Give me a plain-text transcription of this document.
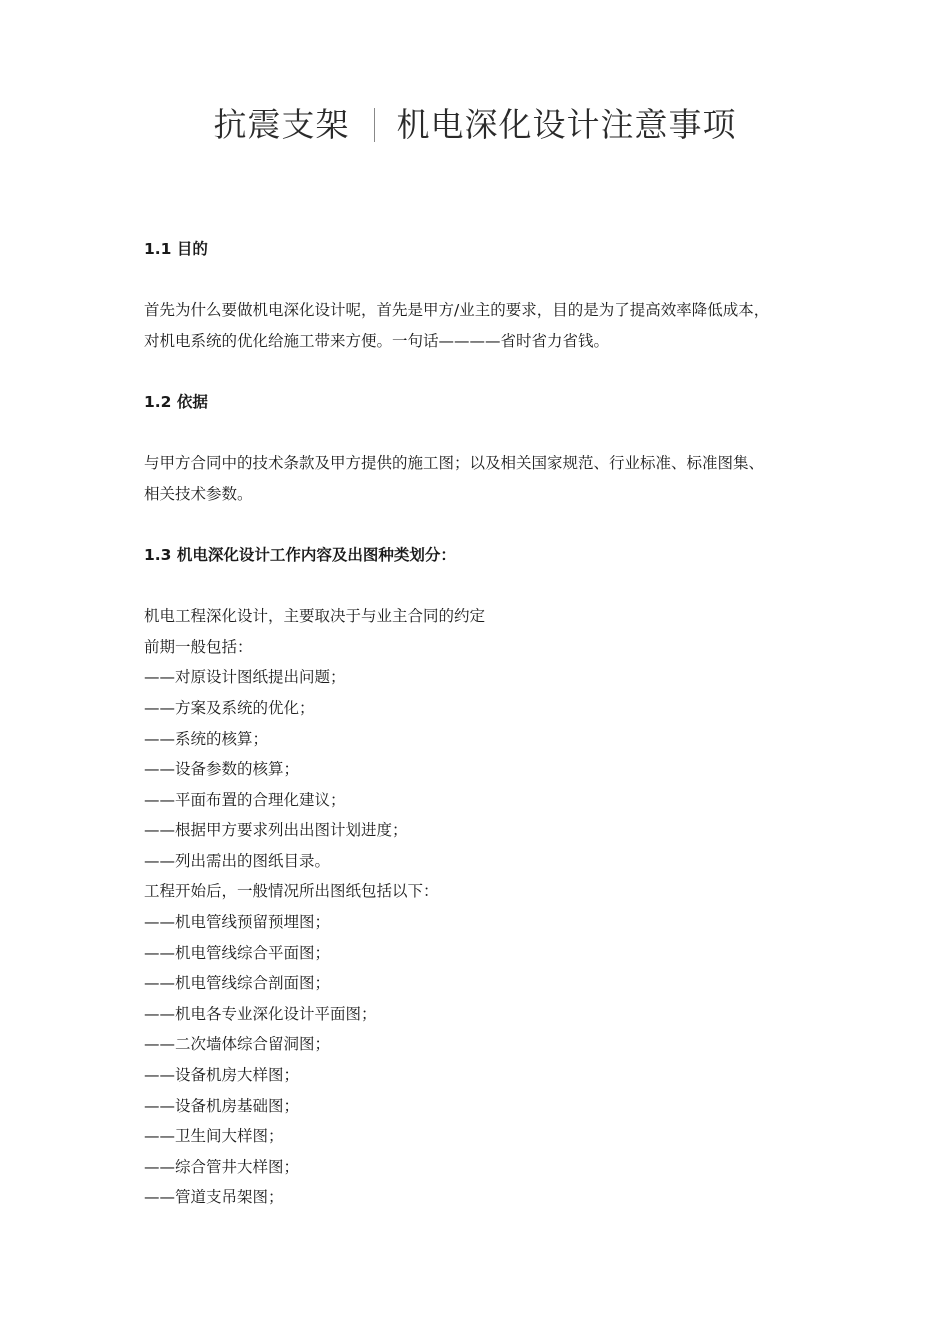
抗震支架 机电深化设计注意事项

1.1 目的

首先为什么要做机电深化设计呢，首先是甲方/业主的要求，目的是为了提高效率降低成本，

对机电系统的优化给施工带来方便。一句话————省时省力省钱。

1.2 依据

与甲方合同中的技术条款及甲方提供的施工图；以及相关国家规范、行业标准、标准图集、

相关技术参数。

1.3 机电深化设计工作内容及出图种类划分：

机电工程深化设计，主要取决于与业主合同的约定

前期一般包括：

——对原设计图纸提出问题；

——方案及系统的优化；

——系统的核算；

——设备参数的核算；

——平面布置的合理化建议；

——根据甲方要求列出出图计划进度；

——列出需出的图纸目录。

工程开始后，一般情况所出图纸包括以下：

——机电管线预留预埋图；

——机电管线综合平面图；

——机电管线综合剖面图；

——机电各专业深化设计平面图；

——二次墙体综合留洞图；

——设备机房大样图；

——设备机房基础图；

——卫生间大样图；

——综合管井大样图；

——管道支吊架图；
